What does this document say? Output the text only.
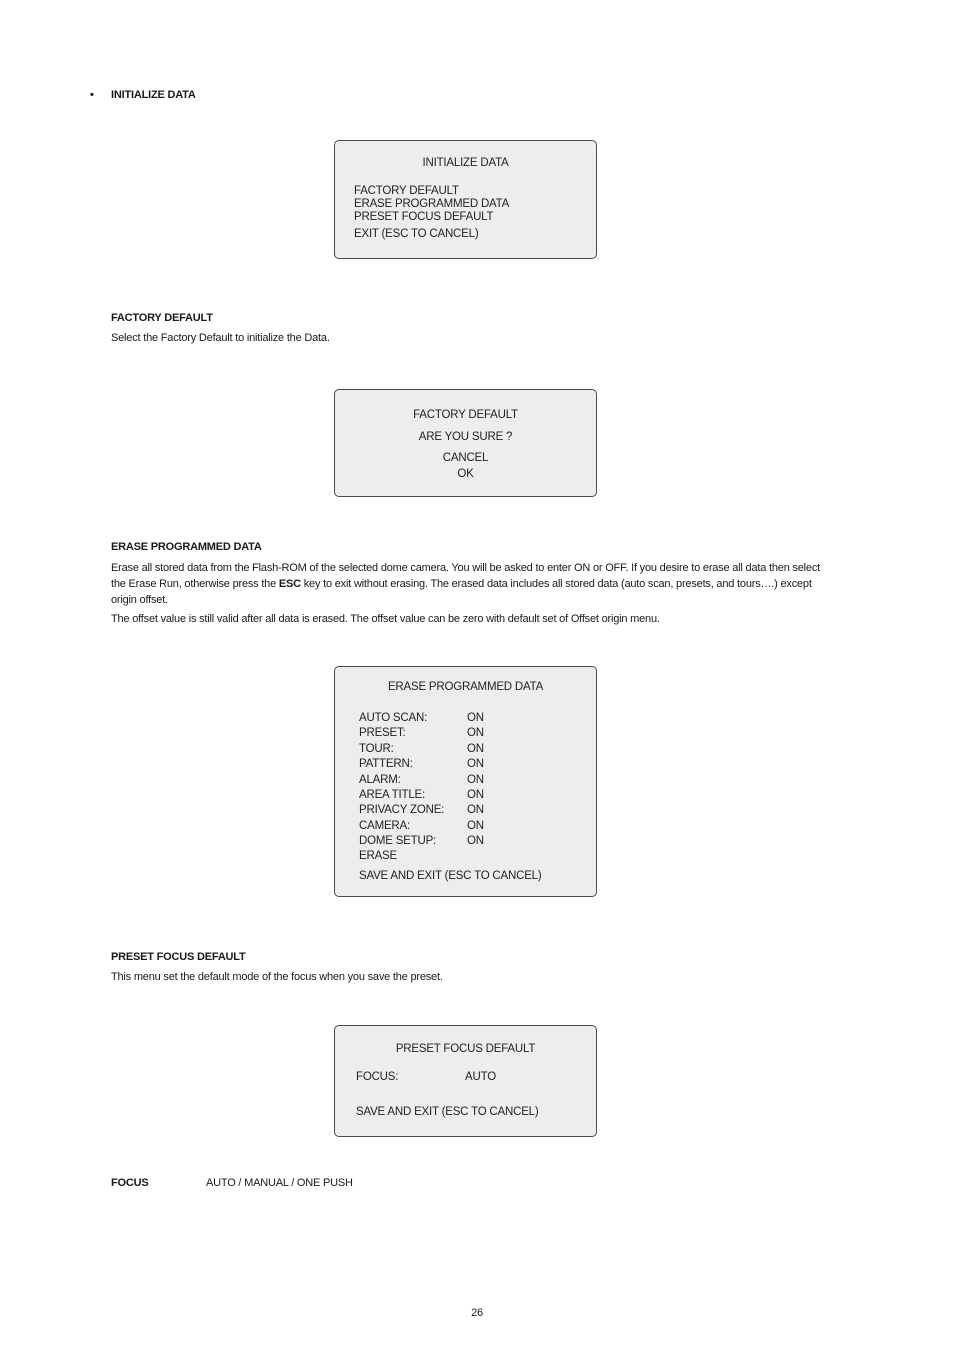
• INITIALIZE DATA
INITIALIZE DATA
FACTORY DEFAULT
ERASE PROGRAMMED DATA
PRESET FOCUS DEFAULT
EXIT (ESC TO CANCEL)
FACTORY DEFAULT
Select the Factory Default to initialize the Data.
FACTORY DEFAULT
ARE YOU SURE ?
CANCEL
OK
ERASE PROGRAMMED DATA
Erase all stored data from the Flash-ROM of the selected dome camera. You will be asked to enter ON or OFF. If you desire to erase all data then select the Erase Run, otherwise press the ESC key to exit without erasing. The erased data includes all stored data (auto scan, presets, and tours….) except origin offset.
The offset value is still valid after all data is erased. The offset value can be zero with default set of Offset origin menu.
ERASE PROGRAMMED DATA
AUTO SCAN:	ON
PRESET:	ON
TOUR:	ON
PATTERN:	ON
ALARM:	ON
AREA TITLE:	ON
PRIVACY ZONE: ON
CAMERA:	ON
DOME SETUP:	ON
ERASE
SAVE AND EXIT (ESC TO CANCEL)
PRESET FOCUS DEFAULT
This menu set the default mode of the focus when you save the preset.
PRESET FOCUS DEFAULT
FOCUS:	AUTO
SAVE AND EXIT (ESC TO CANCEL)
FOCUS	AUTO / MANUAL / ONE PUSH
26
